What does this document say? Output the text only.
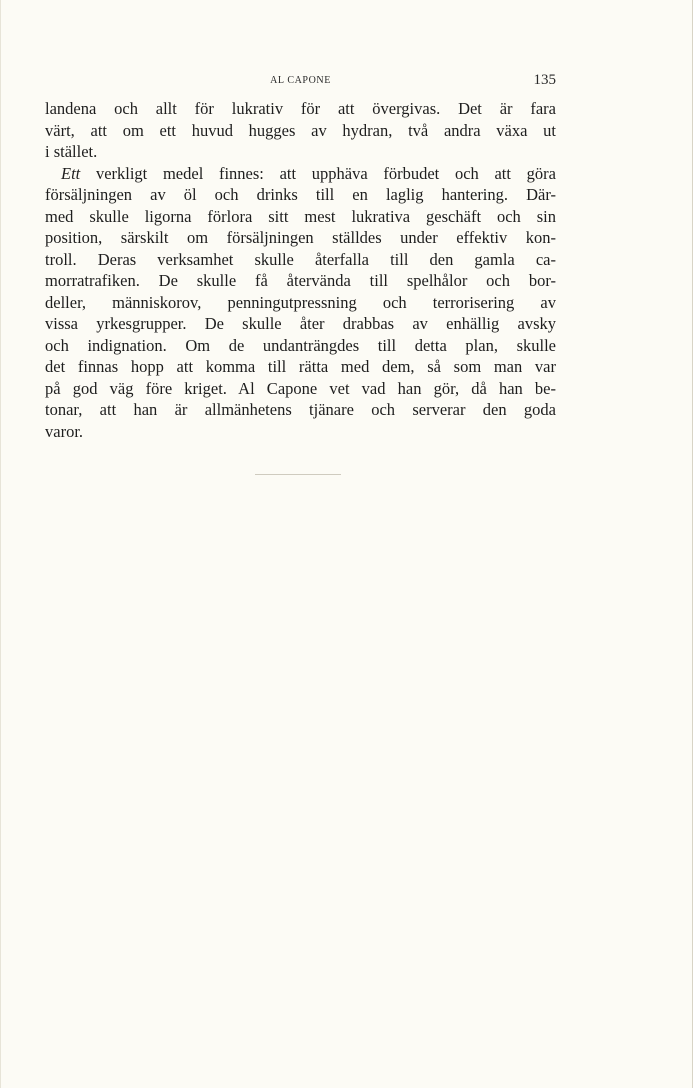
AL CAPONE	135
landena och allt för lukrativ för att övergivas. Det är fara
värt, att om ett huvud hugges av hydran, två andra växa ut
i stället.
Ett verkligt medel finnes: att upphäva förbudet och att göra
försäljningen av öl och drinks till en laglig hantering. Där-
med skulle ligorna förlora sitt mest lukrativa geschäft och sin
position, särskilt om försäljningen ställdes under effektiv kon-
troll. Deras verksamhet skulle återfalla till den gamla ca-
morratrafiken. De skulle få återvända till spelhålor och bor-
deller, människorov, penningutpressning och terrorisering av
vissa yrkesgrupper. De skulle åter drabbas av enhällig avsky
och indignation. Om de undanträngdes till detta plan, skulle
det finnas hopp att komma till rätta med dem, så som man var
på god väg före kriget. Al Capone vet vad han gör, då han be-
tonar, att han är allmänhetens tjänare och serverar den goda
varor.
